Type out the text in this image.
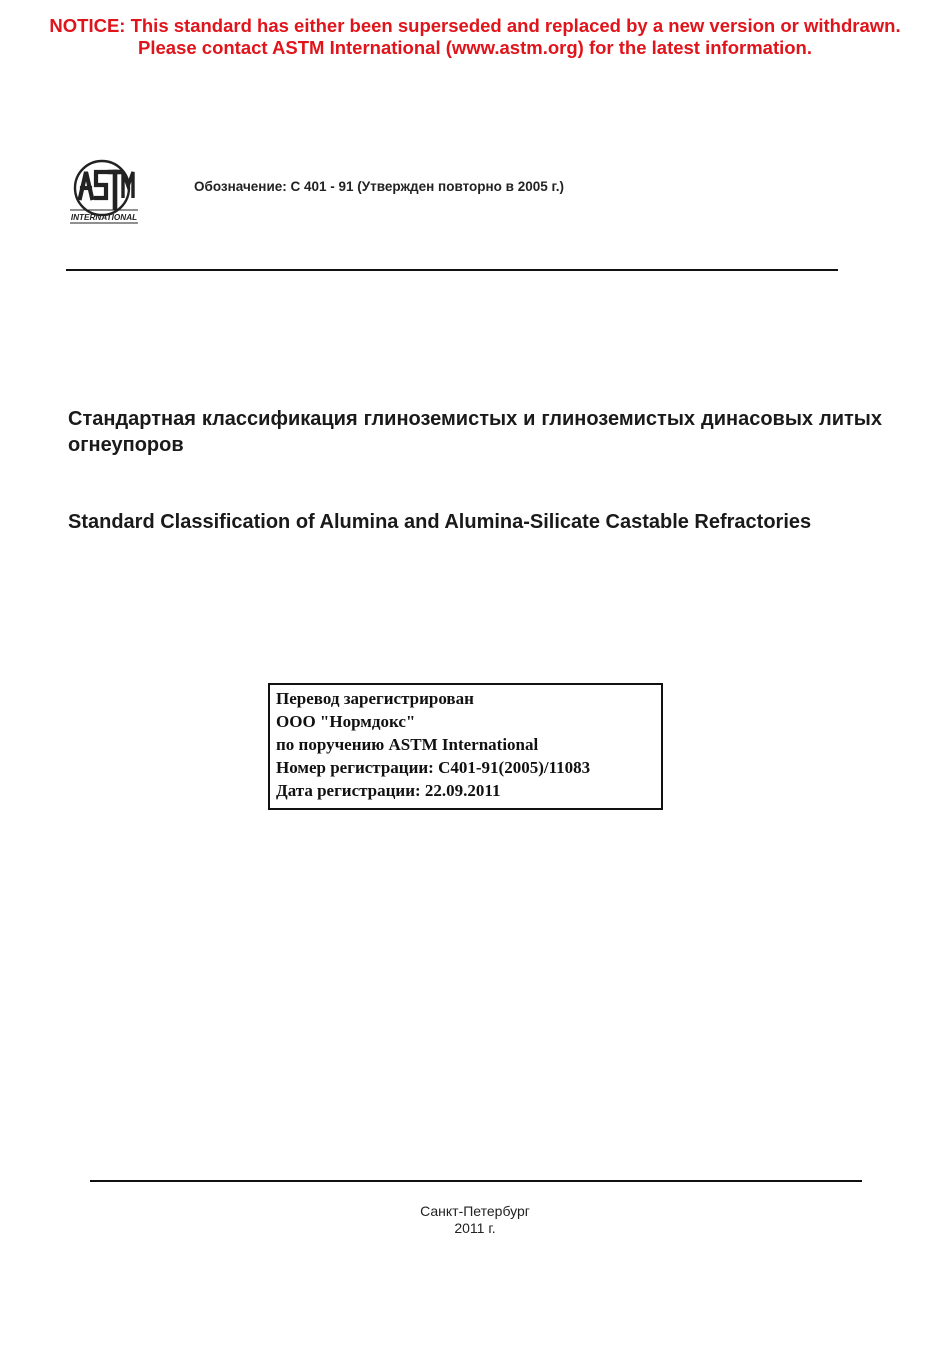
NOTICE: This standard has either been superseded and replaced by a new version or withdrawn.
Please contact ASTM International (www.astm.org) for the latest information.
INTERNATIONAL
Обозначение: C 401 - 91 (Утвержден повторно в 2005 г.)
Стандартная классификация глиноземистых и глиноземистых динасовых литых огнеупоров
Standard Classification of Alumina and Alumina-Silicate Castable Refractories
Перевод зарегистрирован
ООО "Нормдокс"
по поручению ASTM International
Номер регистрации: C401-91(2005)/11083
Дата регистрации: 22.09.2011
Санкт-Петербург
2011 г.
